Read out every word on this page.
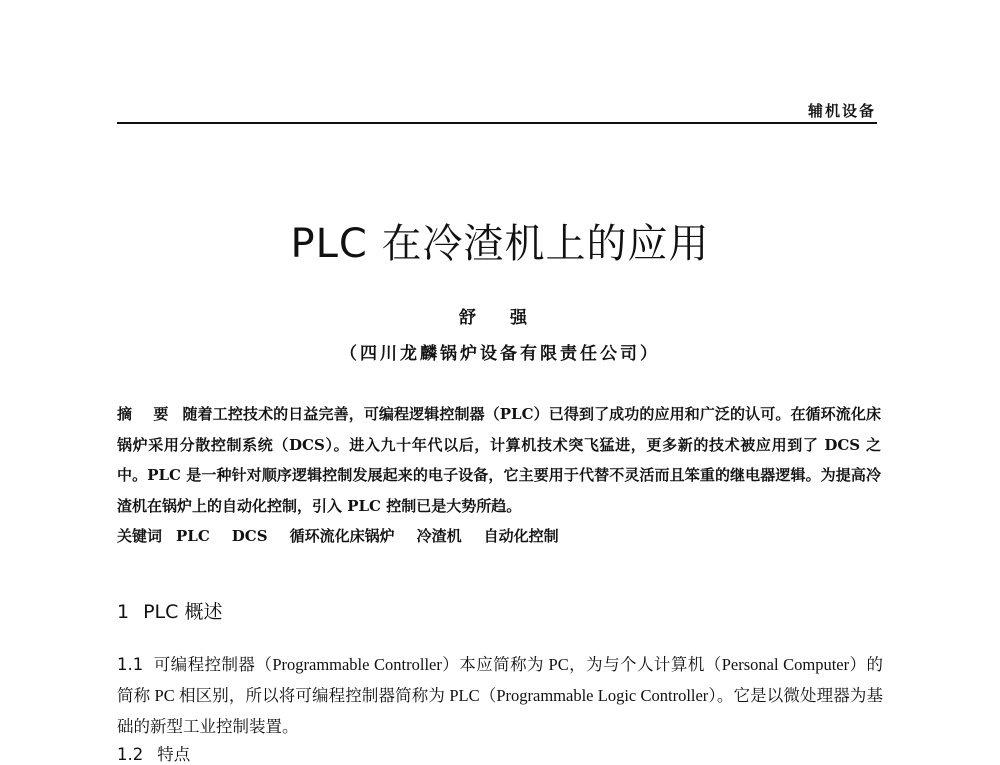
辅机设备
PLC 在冷渣机上的应用
舒 强
（四川龙麟锅炉设备有限责任公司）
摘 要 随着工控技术的日益完善，可编程逻辑控制器（PLC）已得到了成功的应用和广泛的认可。在循环流化床锅炉采用分散控制系统（DCS）。进入九十年代以后，计算机技术突飞猛进，更多新的技术被应用到了 DCS 之中。PLC 是一种针对顺序逻辑控制发展起来的电子设备，它主要用于代替不灵活而且笨重的继电器逻辑。为提高冷渣机在锅炉上的自动化控制，引入 PLC 控制已是大势所趋。
关键词 PLC DCS 循环流化床锅炉 冷渣机 自动化控制
1 PLC 概述
1.1 可编程控制器（Programmable Controller）本应简称为 PC，为与个人计算机（Personal Computer）的简称 PC 相区别，所以将可编程控制器简称为 PLC（Programmable Logic Controller）。它是以微处理器为基础的新型工业控制装置。
1.2 特点
